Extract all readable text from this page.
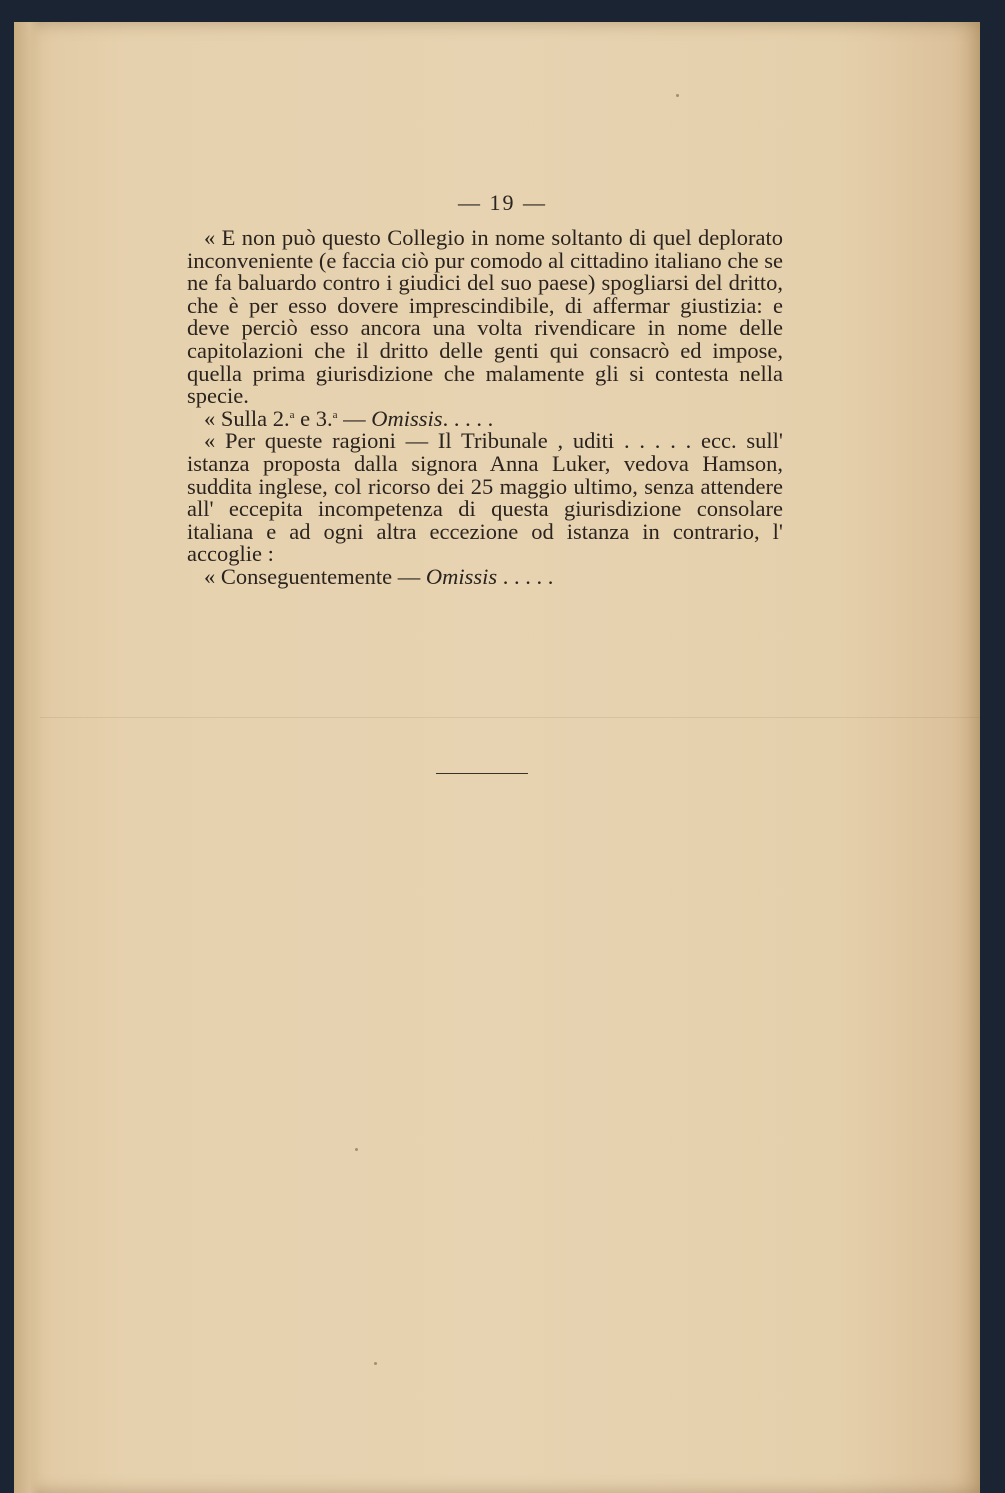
— 19 —

« E non può questo Collegio in nome soltanto di quel deplorato inconveniente (e faccia ciò pur comodo al cittadino italiano che se ne fa baluardo contro i giudici del suo paese) spogliarsi del dritto, che è per esso dovere imprescindibile, di affermar giustizia: e deve perciò esso ancora una volta rivendicare in nome delle capitolazioni che il dritto delle genti qui consacrò ed impose, quella prima giurisdizione che malamente gli si contesta nella specie.

« Sulla 2.$^a$ e 3.$^a$ — Omissis. . . . .

« Per queste ragioni — Il Tribunale , uditi . . . . . ecc. sull' istanza proposta dalla signora Anna Luker, vedova Hamson, suddita inglese, col ricorso dei 25 maggio ultimo, senza attendere all' eccepita incompetenza di questa giurisdizione consolare italiana e ad ogni altra eccezione od istanza in contrario, l' accoglie :

« Conseguentemente — Omissis . . . . .
